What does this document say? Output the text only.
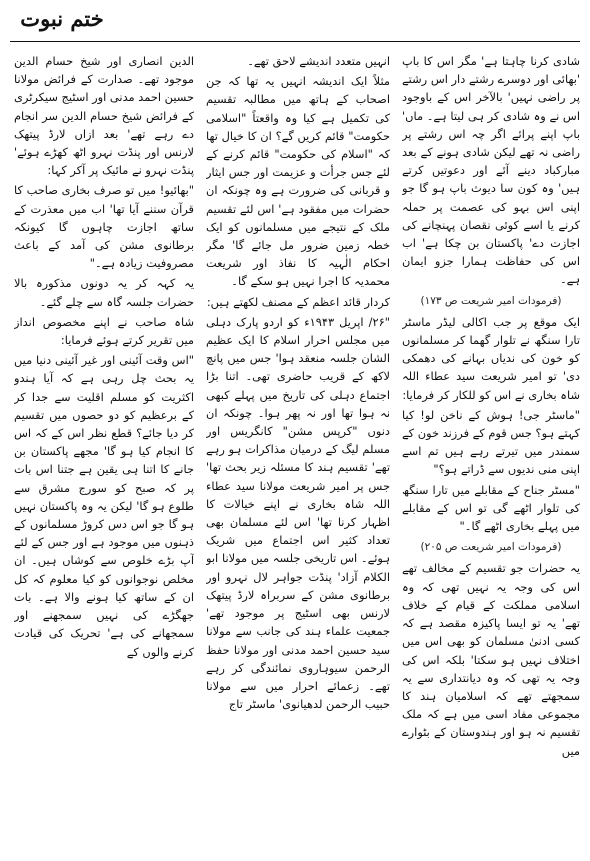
ختم نبوت
شادی کرنا چاہتا ہے' مگر اس کا باپ 'بھائی اور دوسرے رشتے دار اس رشتے پر راضی نہیں' بالآخر اس کے باوجود اس نے وہ شادی کر ہی لیتا ہے۔ ماں' باپ اپنے پرائے اگر چہ اس رشتے پر راضی نہ تھے لیکن شادی ہونے کے بعد مبارکباد دینے آئے اور دعوتیں کرتے ہیں' وہ کون سا دیوث باپ ہو گا جو اپنی اس بہو کی عصمت پر حملہ کرنے یا اسے کوئی نقصان پہنچانے کی اجازت دے' پاکستان بن چکا ہے' اب اس کی حفاظت ہمارا جزو ایمان ہے۔
(فرمودات امیر شریعت ص ۱۷۳)
ایک موقع پر جب اکالی لیڈر ماسٹر تارا سنگھ نے تلوار گھما کر مسلمانوں کو خون کی ندیاں بہانے کی دھمکی دی' تو امیر شریعت سید عطاء اللہ شاہ بخاری نے اس کو للکار کر فرمایا:
"ماسٹر جی! ہوش کے ناخن لو! کیا کہتے ہو؟ جس قوم کے فرزند خون کے سمندر میں تیرتے رہے ہیں تم اسے اپنی منی ندیوں سے ڈراتے ہو؟"
"مسٹر جناح کے مقابلے میں تارا سنگھ کی تلوار اٹھے گی تو اس کے مقابلے میں پہلے بخاری اٹھے گا۔"
(فرمودات امیر شریعت ص ۲۰۵)
یہ حضرات جو تقسیم کے مخالف تھے اس کی وجہ یہ نہیں تھی کہ وہ اسلامی مملکت کے قیام کے خلاف تھے' یہ تو ایسا پاکیزہ مقصد ہے کہ کسی ادنیٰ مسلمان کو بھی اس میں اختلاف نہیں ہو سکتا' بلکہ اس کی وجہ یہ تھی کہ وہ دیانتداری سے یہ سمجھتے تھے کہ اسلامیان ہند کا مجموعی مفاد اسی میں ہے کہ ملک تقسیم نہ ہو اور ہندوستان کے بٹوارے میں
انہیں متعدد اندیشے لاحق تھے۔
مثلاً ایک اندیشہ انہیں یہ تھا کہ جن اصحاب کے ہاتھ میں مطالبہ تقسیم کی تکمیل ہے کیا وہ واقعتاً "اسلامی حکومت" قائم کریں گے؟ ان کا خیال تھا کہ "اسلام کی حکومت" قائم کرنے کے لئے جس جرأت و عزیمت اور جس ایثار و قربانی کی ضرورت ہے وہ چونکہ ان حضرات میں مفقود ہے' اس لئے تقسیم ملک کے نتیجے میں مسلمانوں کو ایک خطہ زمین ضرور مل جائے گا' مگر احکام الٰہیہ کا نفاذ اور شریعت محمدیہ کا اجرا نہیں ہو سکے گا۔
کردار قائد اعظم کے مصنف لکھتے ہیں:
"۲۶/ اپریل ۱۹۴۳ء کو اردو پارک دہلی میں مجلس احرار اسلام کا ایک عظیم الشان جلسہ منعقد ہوا' جس میں پانچ لاکھ کے قریب حاضری تھی۔ اتنا بڑا اجتماع دہلی کی تاریخ میں پہلے کبھی نہ ہوا تھا اور نہ پھر ہوا۔ چونکہ ان دنوں "کرپس مشن" کانگریس اور مسلم لیگ کے درمیان مذاکرات ہو رہے تھے' تقسیم ہند کا مسئلہ زیر بحث تھا' جس پر امیر شریعت مولانا سید عطاء اللہ شاہ بخاری نے اپنے خیالات کا اظہار کرنا تھا' اس لئے مسلمان بھی تعداد کثیر اس اجتماع میں شریک ہوئے۔ اس تاریخی جلسہ میں مولانا ابو الکلام آزاد' پنڈت جواہر لال نہرو اور برطانوی مشن کے سربراہ لارڈ پیتھک لارنس بھی اسٹیج پر موجود تھے' جمعیت علماء ہند کی جانب سے مولانا سید حسین احمد مدنی اور مولانا حفظ الرحمن سیوہاروی نمائندگی کر رہے تھے۔ زعمائے احرار میں سے مولانا حبیب الرحمن لدھیانوی' ماسٹر تاج
الدین انصاری اور شیخ حسام الدین موجود تھے۔ صدارت کے فرائض مولانا حسین احمد مدنی اور اسٹیج سیکرٹری کے فرائض شیخ حسام الدین سر انجام دے رہے تھے' بعد ازاں لارڈ پیتھک لارنس اور پنڈت نہرو اٹھ کھڑے ہوئے' پنڈت نہرو نے مائیک پر آکر کہا:
"بھائیو! میں تو صرف بخاری صاحب کا قرآن سننے آیا تھا' اب میں معذرت کے ساتھ اجازت چاہوں گا کیونکہ برطانوی مشن کی آمد کے باعث مصروفیت زیادہ ہے۔"
یہ کہہ کر یہ دونوں مذکورہ بالا حضرات جلسہ گاہ سے چلے گئے۔
شاہ صاحب نے اپنے مخصوص انداز میں تقریر کرتے ہوئے فرمایا:
"اس وقت آئینی اور غیر آئینی دنیا میں یہ بحث چل رہی ہے کہ آیا ہندو اکثریت کو مسلم اقلیت سے جدا کر کے برعظیم کو دو حصوں میں تقسیم کر دیا جائے؟ قطع نظر اس کے کہ اس کا انجام کیا ہو گا' مجھے پاکستان بن جانے کا اتنا ہی یقین ہے جتنا اس بات پر کہ صبح کو سورج مشرق سے طلوع ہو گا' لیکن یہ وہ پاکستان نہیں ہو گا جو اس دس کروڑ مسلمانوں کے ذہنوں میں موجود ہے اور جس کے لئے آپ بڑے خلوص سے کوشاں ہیں۔ ان مخلص نوجوانوں کو کیا معلوم کہ کل ان کے ساتھ کیا ہونے والا ہے۔ بات جھگڑے کی نہیں سمجھنے اور سمجھانے کی ہے' تحریک کی قیادت کرنے والوں کے
